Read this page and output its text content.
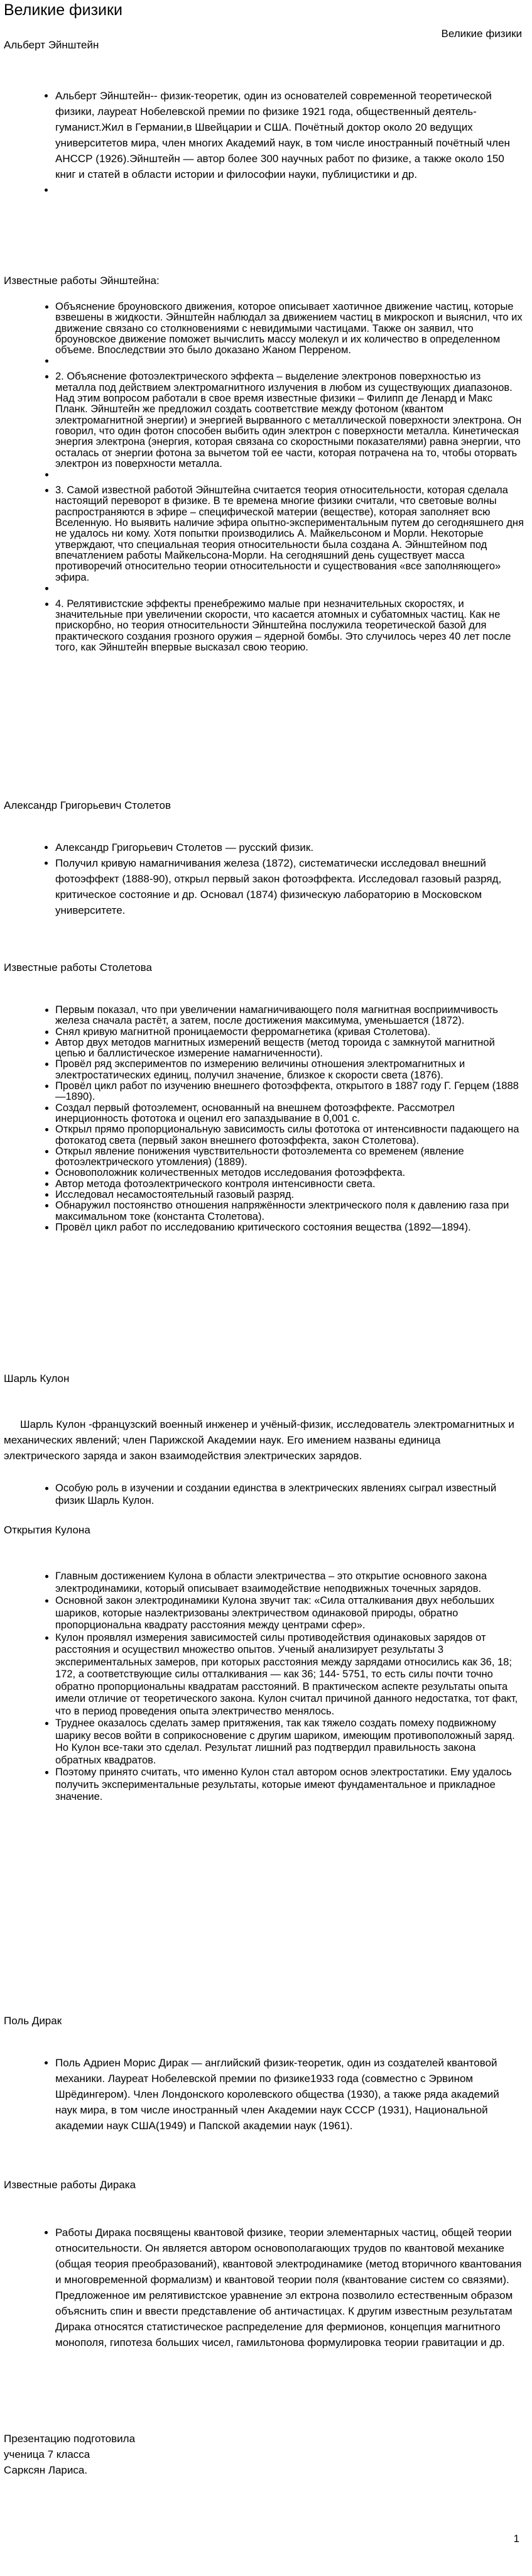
Великие физики
Великие физики
Альберт Эйнштейн
• Альберт Эйнштейн-- физик-теоретик, один из основателей современной теоретической физики, лауреат Нобелевской премии по физике 1921 года, общественный деятель-гуманист.Жил в Германии,в Швейцарии и США. Почётный доктор около 20 ведущих университетов мира, член многих Академий наук, в том числе иностранный почётный член АНССР (1926).Эйнштейн — автор более 300 научных работ по физике, а также около 150 книг и статей в области истории и философии науки, публицистики и др.
•
Известные работы Эйнштейна:
• Объяснение броуновского движения, которое описывает хаотичное движение частиц, которые взвешены в жидкости. Эйнштейн наблюдал за движением частиц в микроскоп и выяснил, что их движение связано со столкновениями с невидимыми частицами. Также он заявил, что броуновское движение поможет вычислить массу молекул и их количество в определенном объеме. Впоследствии это было доказано Жаном Перреном.
•
• 2. Объяснение фотоэлектрического эффекта – выделение электронов поверхностью из металла под действием электромагнитного излучения в любом из существующих диапазонов. Над этим вопросом работали в свое время известные физики – Филипп де Ленард и Макс Планк. Эйнштейн же предложил создать соответствие между фотоном (квантом электромагнитной энергии) и энергией вырванного с металлической поверхности электрона. Он говорил, что один фотон способен выбить один электрон с поверхности металла. Кинетическая энергия электрона (энергия, которая связана со скоростными показателями) равна энергии, что осталась от энергии фотона за вычетом той ее части, которая потрачена на то, чтобы оторвать электрон из поверхности металла.
•
• 3. Самой известной работой Эйнштейна считается теория относительности, которая сделала настоящий переворот в физике. В те времена многие физики считали, что световые волны распространяются в эфире – специфической материи (веществе), которая заполняет всю Вселенную. Но выявить наличие эфира опытно-экспериментальным путем до сегодняшнего дня не удалось ни кому. Хотя попытки производились А. Майкельсоном и Морли. Некоторые утверждают, что специальная теория относительности была создана А. Эйнштейном под впечатлением работы Майкельсона-Морли. На сегодняшний день существует масса противоречий относительно теории относительности и существования «все заполняющего» эфира.
•
• 4. Релятивистские эффекты пренебрежимо малые при незначительных скоростях, и значительные при увеличении скорости, что касается атомных и субатомных частиц. Как не прискорбно, но теория относительности Эйнштейна послужила теоретической базой для практического создания грозного оружия – ядерной бомбы. Это случилось через 40 лет после того, как Эйнштейн впервые высказал свою теорию.
Александр Григорьевич Столетов
• Александр Григорьевич Столетов — русский физик.
• Получил кривую намагничивания железа (1872), систематически исследовал внешний фотоэффект (1888-90), открыл первый закон фотоэффекта. Исследовал газовый разряд, критическое состояние и др. Основал (1874) физическую лабораторию в Московском университете.
Известные работы Столетова
• Первым показал, что при увеличении намагничивающего поля магнитная восприимчивость железа сначала растёт, а затем, после достижения максимума, уменьшается (1872).
• Снял кривую магнитной проницаемости ферромагнетика (кривая Столетова).
• Автор двух методов магнитных измерений веществ (метод тороида с замкнутой магнитной цепью и баллистическое измерение намагниченности).
• Провёл ряд экспериментов по измерению величины отношения электромагнитных и электростатических единиц, получил значение, близкое к скорости света (1876).
• Провёл цикл работ по изучению внешнего фотоэффекта, открытого в 1887 году Г. Герцем (1888—1890).
• Создал первый фотоэлемент, основанный на внешнем фотоэффекте. Рассмотрел инерционность фототока и оценил его запаздывание в 0,001 с.
• Открыл прямо пропорциональную зависимость силы фототока от интенсивности падающего на фотокатод света (первый закон внешнего фотоэффекта, закон Столетова).
• Открыл явление понижения чувствительности фотоэлемента со временем (явление фотоэлектрического утомления) (1889).
• Основоположник количественных методов исследования фотоэффекта.
• Автор метода фотоэлектрического контроля интенсивности света.
• Исследовал несамостоятельный газовый разряд.
• Обнаружил постоянство отношения напряжённости электрического поля к давлению газа при максимальном токе (константа Столетова).
• Провёл цикл работ по исследованию критического состояния вещества (1892—1894).
Шарль Кулон

Шарль Кулон -французский военный инженер и учёный-физик, исследователь электромагнитных и механических явлений; член Парижской Академии наук. Его имением названы единица электрического заряда и закон взаимодействия электрических зарядов.

• Особую роль в изучении и создании единства в электрических явлениях сыграл известный физик Шарль Кулон.
Открытия Кулона
• Главным достижением Кулона в области электричества – это открытие основного закона электродинамики, который описывает взаимодействие неподвижных точечных зарядов.
• Основной закон электродинамики Кулона звучит так: «Сила отталкивания двух небольших шариков, которые наэлектризованы электричеством одинаковой природы, обратно пропорциональна квадрату расстояния между центрами сфер».
• Кулон проявлял измерения зависимостей силы противодействия одинаковых зарядов от расстояния и осуществил множество опытов. Ученый анализирует результаты 3 экспериментальных замеров, при которых расстояния между зарядами относились как 36, 18; 172, а соответствующие силы отталкивания — как 36; 144- 5751, то есть силы почти точно обратно пропорциональны квадратам расстояний. В практическом аспекте результаты опыта имели отличие от теоретического закона. Кулон считал причиной данного недостатка, тот факт, что в период проведения опыта электричество менялось.
• Труднее оказалось сделать замер притяжения, так как тяжело создать помеху подвижному шарику весов войти в соприкосновение с другим шариком, имеющим противоположный заряд. Но Кулон все-таки это сделал. Результат лишний раз подтвердил правильность закона обратных квадратов.
• Поэтому принято считать, что именно Кулон стал автором основ электростатики. Ему удалось получить экспериментальные результаты, которые имеют фундаментальное и прикладное значение.
Поль Дирак
• Поль Адриен Морис Дирак — английский физик-теоретик, один из создателей квантовой механики. Лауреат Нобелевской премии по физике1933 года (совместно с Эрвином Шрёдингером). Член Лондонского королевского общества (1930), а также ряда академий наук мира, в том числе иностранный член Академии наук СССР (1931), Национальной академии наук США(1949) и Папской академии наук (1961).
Известные работы Дирака
• Работы Дирака посвящены квантовой физике, теории элементарных частиц, общей теории относительности. Он является автором основополагающих трудов по квантовой механике (общая теория преобразований), квантовой электродинамике (метод вторичного квантования и многовременной формализм) и квантовой теории поля (квантование систем со связями). Предложенное им релятивистское уравнение эл ектрона позволило естественным образом объяснить спин и ввести представление об античастицах. К другим известным результатам Дирака относятся статистическое распределение для фермионов, концепция магнитного монополя, гипотеза больших чисел, гамильтонова формулировка теории гравитации и др.
Презентацию подготовила
ученица 7 класса
Сарксян Лариса.
1
